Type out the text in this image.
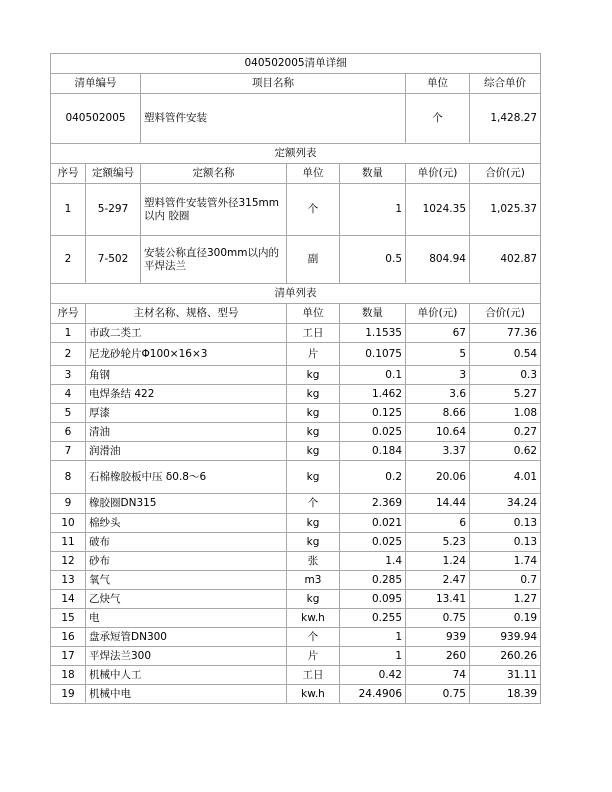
040502005清单详细						
清单编号		项目名称			单位	综合单价
040502005		塑料管件安装			个	1,428.27
定额列表						
序号	定额编号	定额名称	单位	数量	单价(元)	合价(元)
1	5-297	塑料管件安装管外径315mm以内 胶圈	个	1	1024.35	1,025.37
2	7-502	安装公称直径300mm以内的平焊法兰	副	0.5	804.94	402.87
清单列表						
序号	主材名称、规格、型号		单位	数量	单价(元)	合价(元)
1	市政二类工		工日	1.1535	67	77.36
2	尼龙砂轮片Φ100×16×3		片	0.1075	5	0.54
3	角钢		kg	0.1	3	0.3
4	电焊条结 422		kg	1.462	3.6	5.27
5	厚漆		kg	0.125	8.66	1.08
6	清油		kg	0.025	10.64	0.27
7	润滑油		kg	0.184	3.37	0.62
8	石棉橡胶板中压 δ0.8～6		kg	0.2	20.06	4.01
9	橡胶圈DN315		个	2.369	14.44	34.24
10	棉纱头		kg	0.021	6	0.13
11	破布		kg	0.025	5.23	0.13
12	砂布		张	1.4	1.24	1.74
13	氧气		m3	0.285	2.47	0.7
14	乙炔气		kg	0.095	13.41	1.27
15	电		kw.h	0.255	0.75	0.19
16	盘承短管DN300		个	1	939	939.94
17	平焊法兰300		片	1	260	260.26
18	机械中人工		工日	0.42	74	31.11
19	机械中电		kw.h	24.4906	0.75	18.39
